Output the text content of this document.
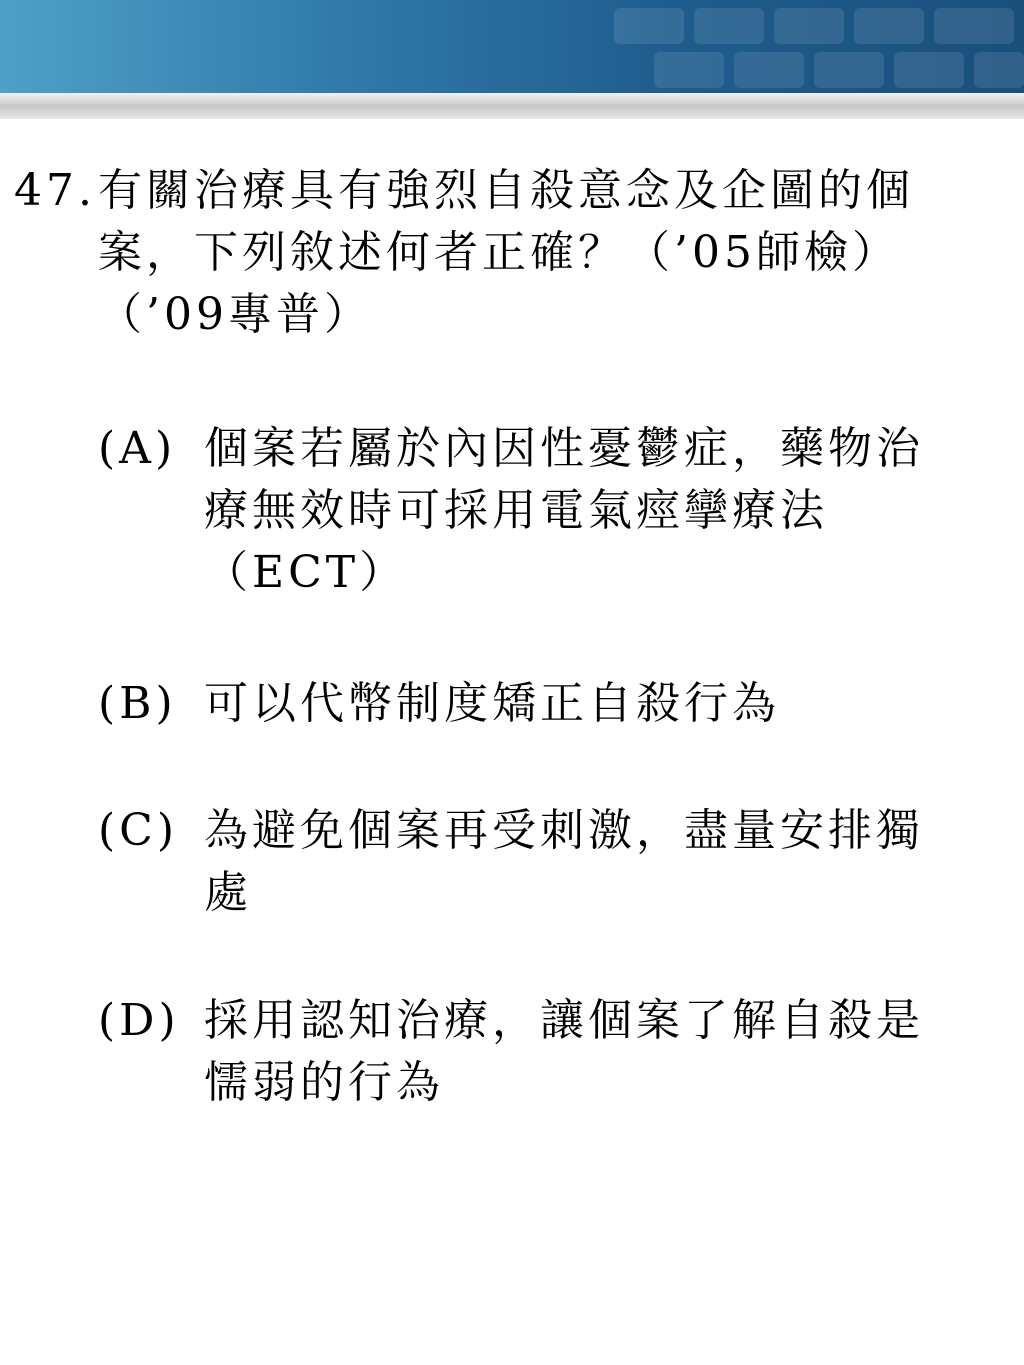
47. 有關治療具有強烈自殺意念及企圖的個
案，下列敘述何者正確？（’05師檢）
（’09專普）
(A) 個案若屬於內因性憂鬱症，藥物治
療無效時可採用電氣痙攣療法
（ECT）
(B) 可以代幣制度矯正自殺行為
(C) 為避免個案再受刺激，盡量安排獨
處
(D) 採用認知治療，讓個案了解自殺是
懦弱的行為
